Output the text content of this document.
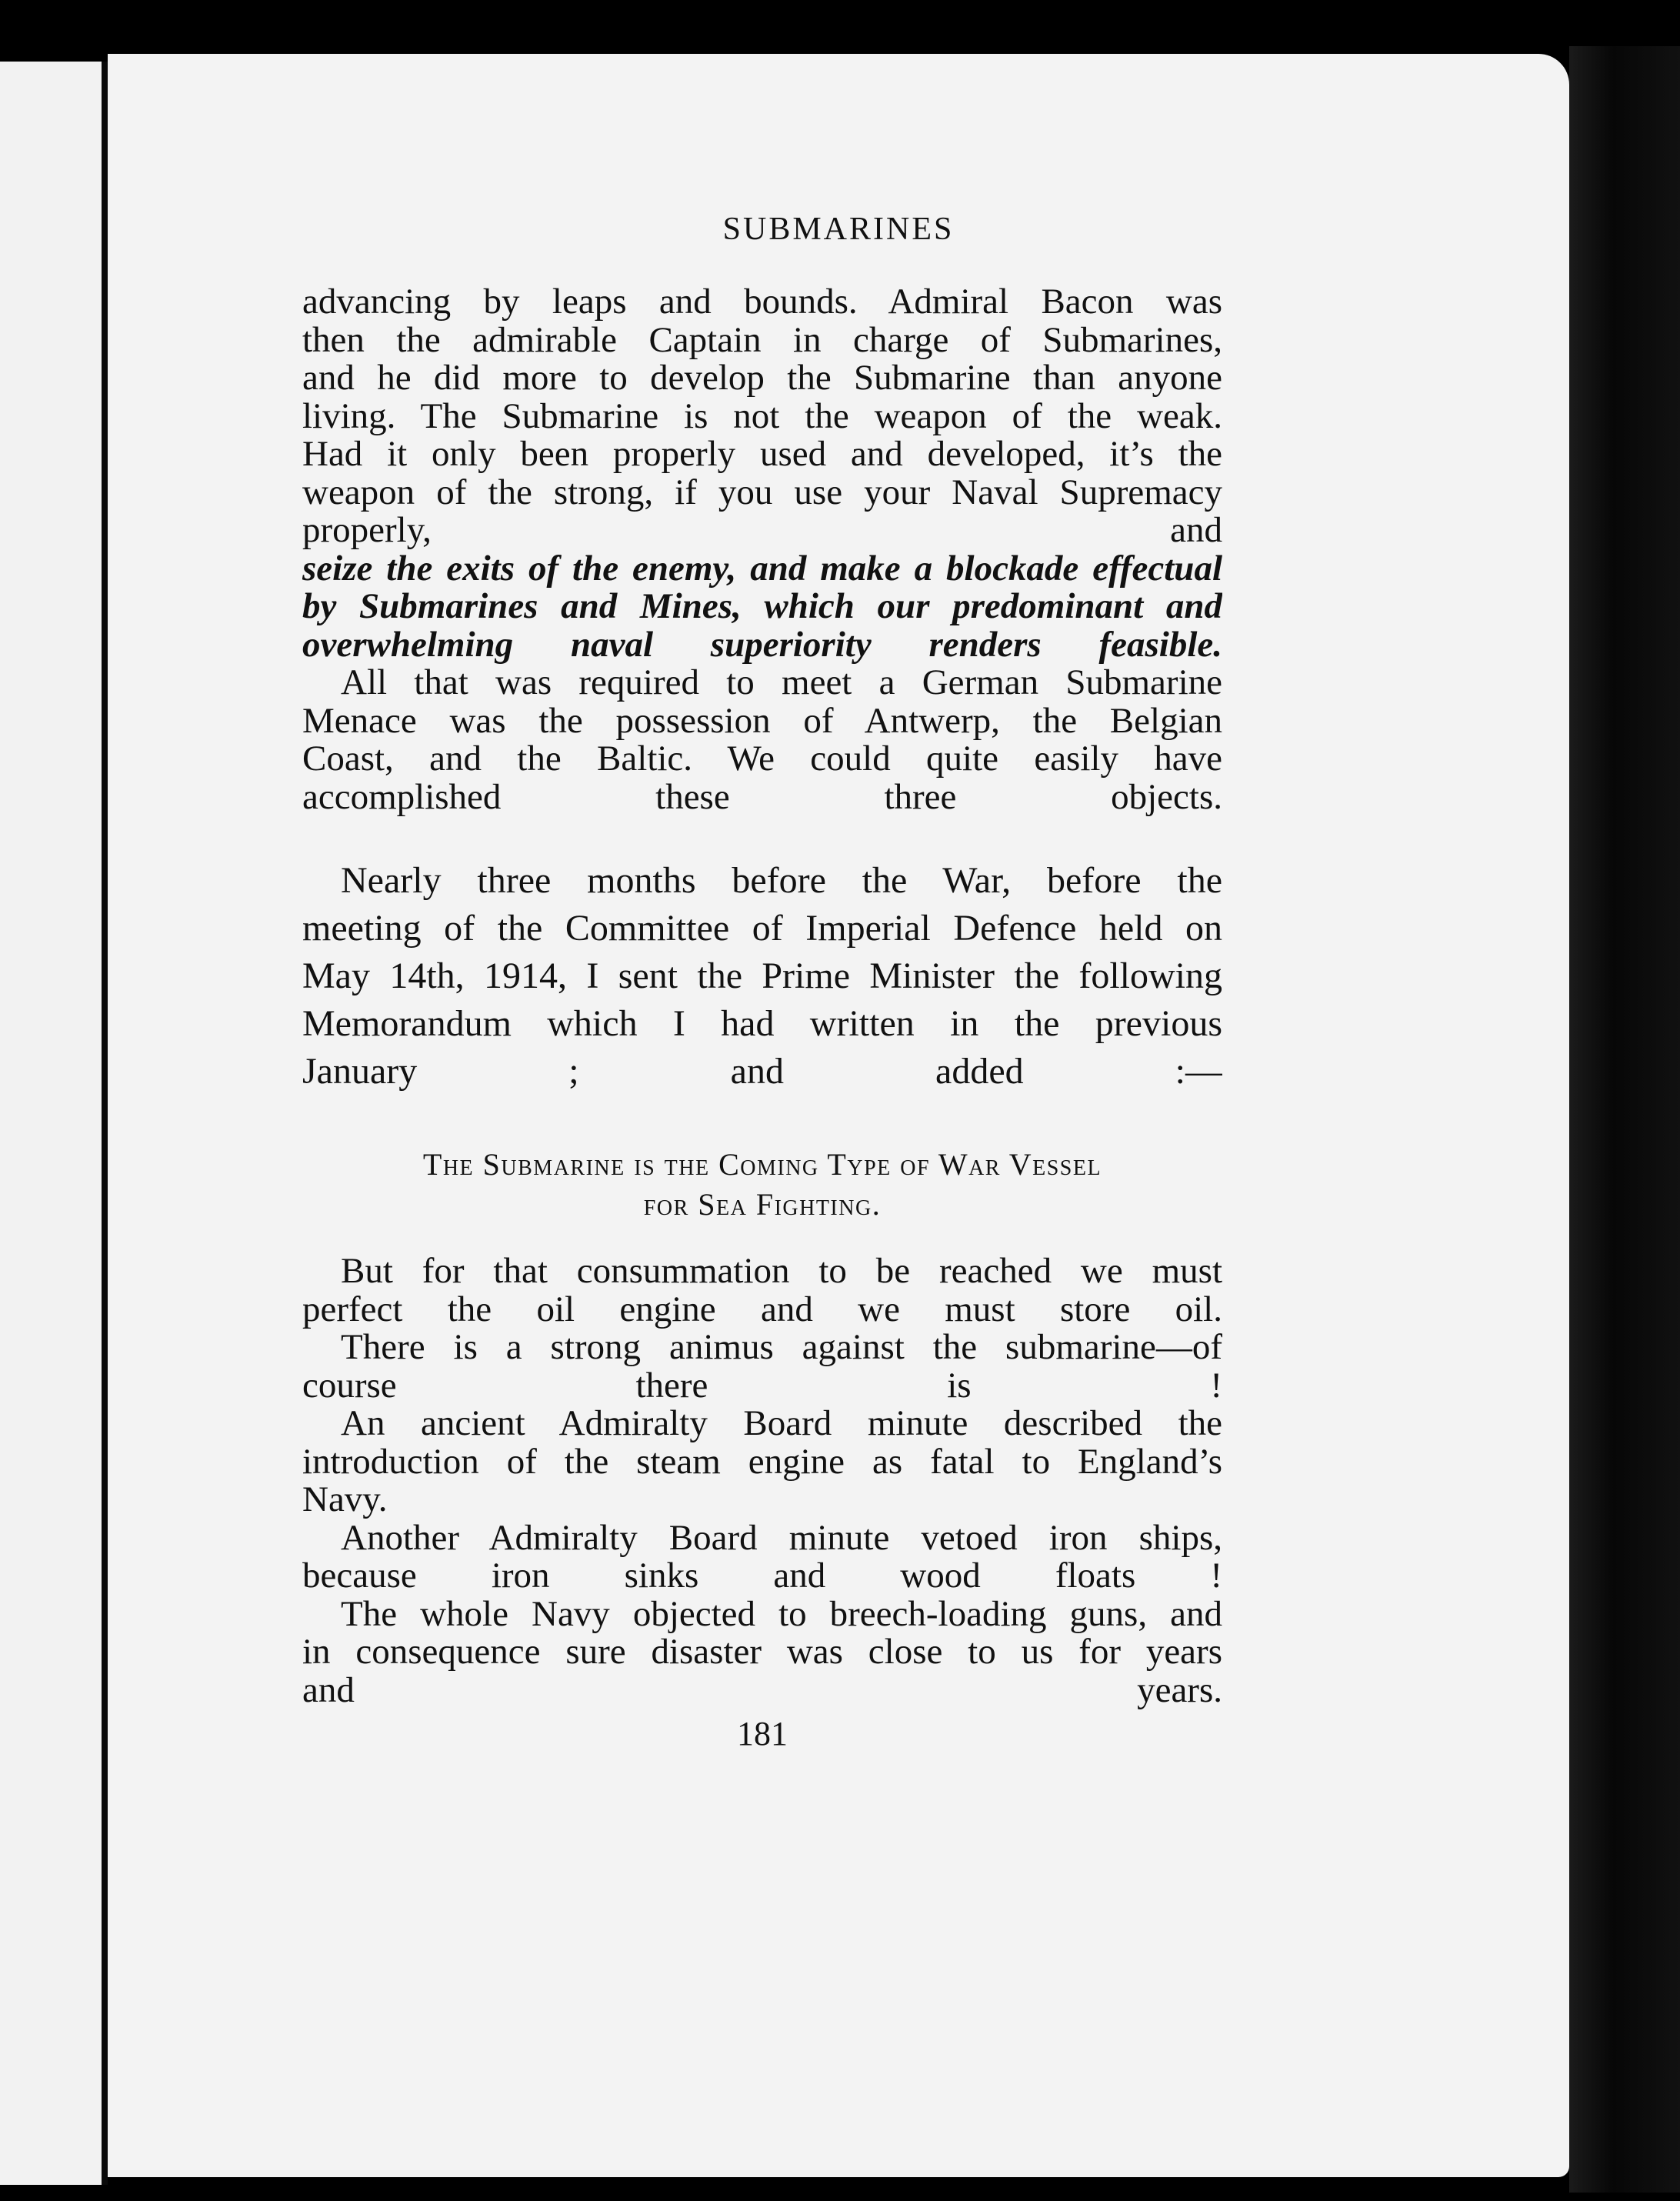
SUBMARINES
advancing by leaps and bounds. Admiral Bacon was
then the admirable Captain in charge of Submarines,
and he did more to develop the Submarine than anyone
living. The Submarine is not the weapon of the weak.
Had it only been properly used and developed, it’s the
weapon of the strong, if you use your Naval Supremacy
properly, and
seize the exits of the enemy, and make a blockade effectual
by Submarines and Mines, which our predominant and
overwhelming naval superiority renders feasible.
All that was required to meet a German Submarine
Menace was the possession of Antwerp, the Belgian
Coast, and the Baltic. We could quite easily have
accomplished these three objects.
Nearly three months before the War, before the
meeting of the Committee of Imperial Defence held on
May 14th, 1914, I sent the Prime Minister the following
Memorandum which I had written in the previous
January ; and added :—
The Submarine is the Coming Type of War Vessel
for Sea Fighting.
But for that consummation to be reached we must
perfect the oil engine and we must store oil.
There is a strong animus against the submarine—of
course there is !
An ancient Admiralty Board minute described the
introduction of the steam engine as fatal to England’s
Navy.
Another Admiralty Board minute vetoed iron ships,
because iron sinks and wood floats !
The whole Navy objected to breech-loading guns, and
in consequence sure disaster was close to us for years
and years.
181
